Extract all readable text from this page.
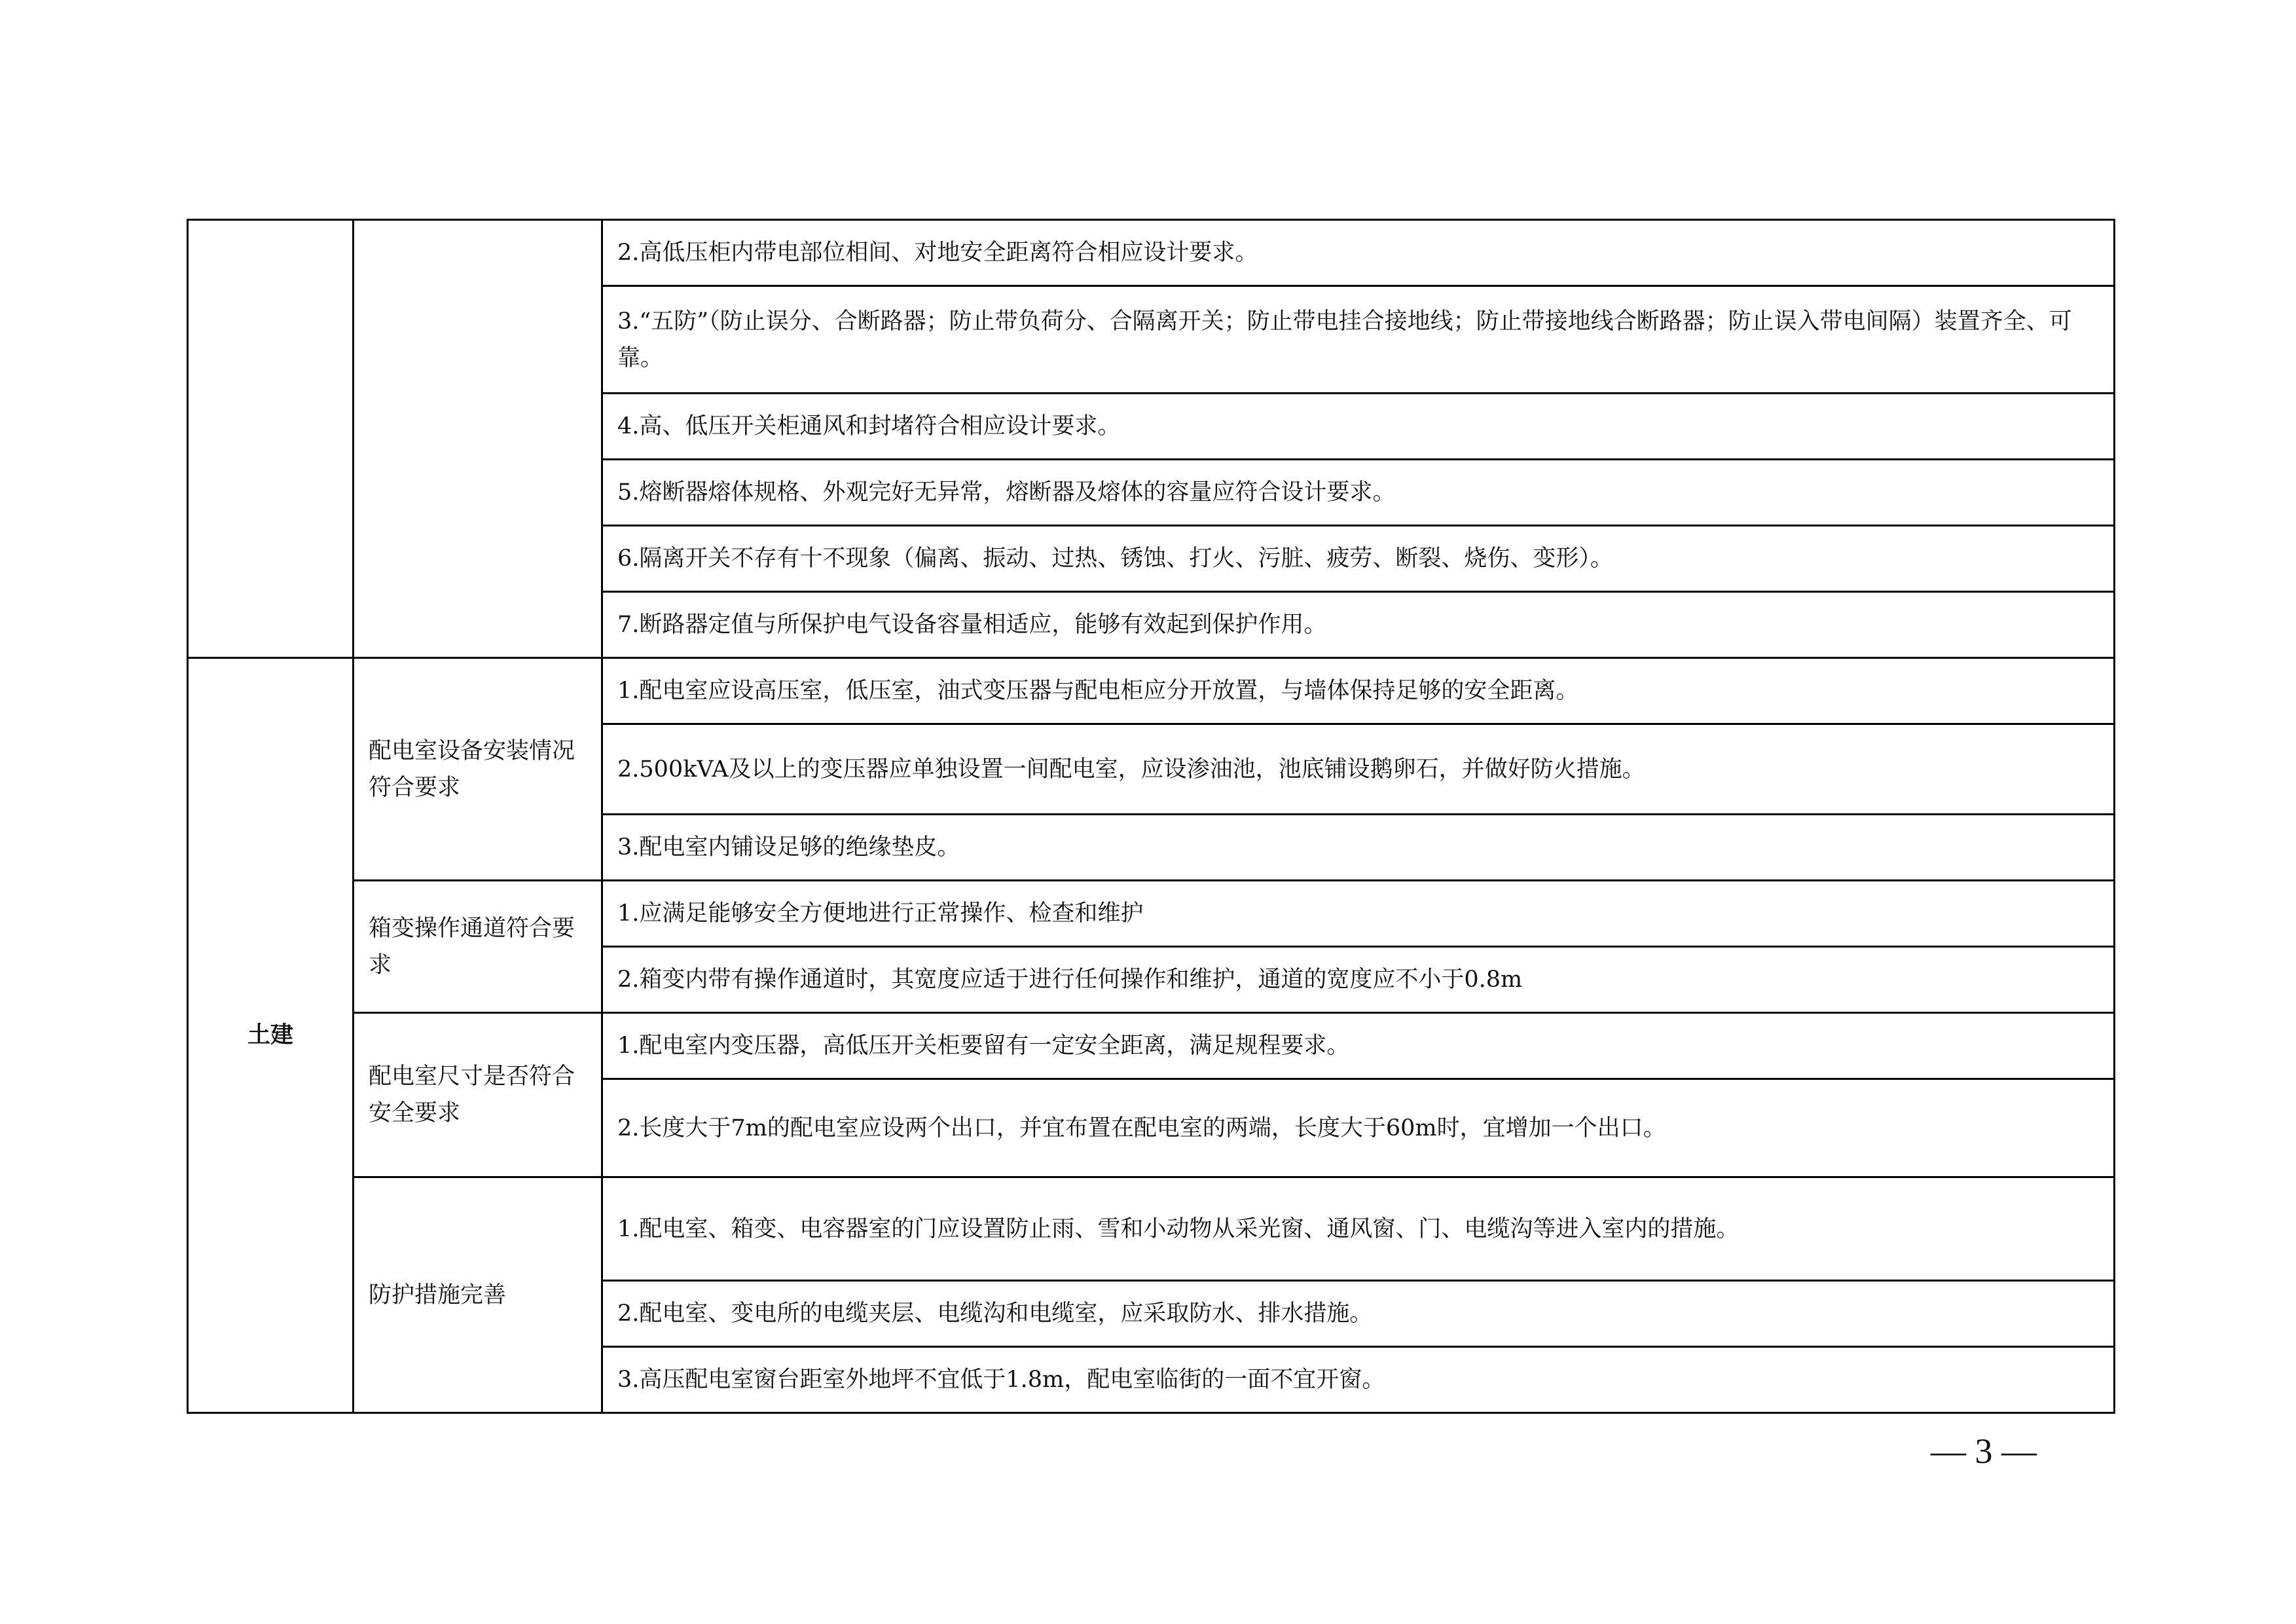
		2.高低压柜内带电部位相间、对地安全距离符合相应设计要求。
		3.“五防”（防止误分、合断路器；防止带负荷分、合隔离开关；防止带电挂合接地线；防止带接地线合断路器；防止误入带电间隔）装置齐全、可靠。
		4.高、低压开关柜通风和封堵符合相应设计要求。
		5.熔断器熔体规格、外观完好无异常，熔断器及熔体的容量应符合设计要求。
		6.隔离开关不存有十不现象（偏离、振动、过热、锈蚀、打火、污脏、疲劳、断裂、烧伤、变形）。
		7.断路器定值与所保护电气设备容量相适应，能够有效起到保护作用。
土建	配电室设备安装情况符合要求	1.配电室应设高压室，低压室，油式变压器与配电柜应分开放置，与墙体保持足够的安全距离。
		2.500kVA及以上的变压器应单独设置一间配电室，应设渗油池，池底铺设鹅卵石，并做好防火措施。
		3.配电室内铺设足够的绝缘垫皮。
	箱变操作通道符合要求	1.应满足能够安全方便地进行正常操作、检查和维护
		2.箱变内带有操作通道时，其宽度应适于进行任何操作和维护，通道的宽度应不小于0.8m
	配电室尺寸是否符合安全要求	1.配电室内变压器，高低压开关柜要留有一定安全距离，满足规程要求。
		2.长度大于7m的配电室应设两个出口，并宜布置在配电室的两端，长度大于60m时，宜增加一个出口。
	防护措施完善	1.配电室、箱变、电容器室的门应设置防止雨、雪和小动物从采光窗、通风窗、门、电缆沟等进入室内的措施。
		2.配电室、变电所的电缆夹层、电缆沟和电缆室，应采取防水、排水措施。
		3.高压配电室窗台距室外地坪不宜低于1.8m，配电室临街的一面不宜开窗。
— 3 —
